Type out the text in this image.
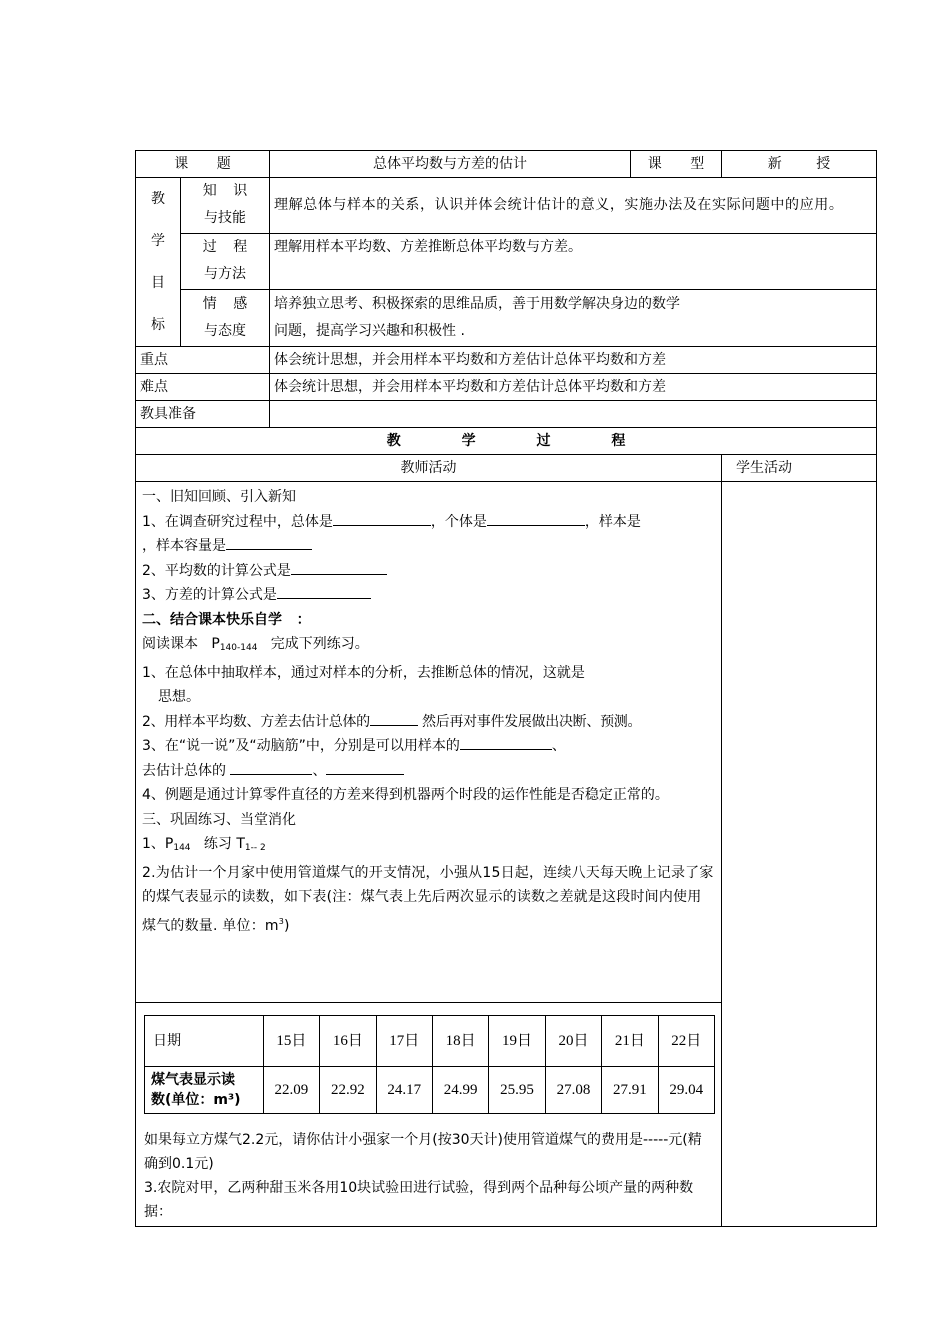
课 题	总体平均数与方差的估计	课 型	新 授

教
学
目
标

知 识
与技能
	理解总体与样本的关系，认识并体会统计估计的意义，实施办法及在实际问题中的应用。

过 程
与方法
	理解用样本平均数、方差推断总体平均数与方差。

情 感
与态度

培养独立思考、积极探索的思维品质，善于用数学解决身边的数学
问题，提高学习兴趣和积极性 .

重点	体会统计思想，并会用样本平均数和方差估计总体平均数和方差
难点	体会统计思想，并会用样本平均数和方差估计总体平均数和方差
教具准备	
教 学 过 程
教师活动	学生活动

一、旧知回顾、引入新知

1、在调查研究过程中，总体是	，个体是	，样本是

，样本容量是

2、平均数的计算公式是

3、方差的计算公式是

二、结合课本快乐自学 ：

阅读课本 $P_{140-144}$ 完成下列练习。

1、在总体中抽取样本，通过对样本的分析，去推断总体的情况，这就是

思想。

2、用样本平均数、方差去估计总体的	然后再对事件发展做出决断、预测。

3、在“说一说”及“动脑筋”中，分别是可以用样本的	、

去估计总体的	、

4、例题是通过计算零件直径的方差来得到机器两个时段的运作性能是否稳定正常的。

三、巩固练习、当堂消化

1、$P_{144}$ 练习 $T_{1-- 2}$

2.为估计一个月家中使用管道煤气的开支情况，小强从15日起，连续八天每天晚上记录了家的煤气表显示的读数，如下表(注：煤气表上先后两次显示的读数之差就是这段时间内使用煤气的数量. 单位：$m^3$)

日期	15日	16日	17日	18日	19日	20日	21日	22日

煤气表显示读
数(单位：m³)
	22.09	22.92	24.17	24.99	25.95	27.08	27.91	29.04

如果每立方煤气2.2元，请你估计小强家一个月(按30天计)使用管道煤气的费用是-----元(精确到0.1元)

3.农院对甲，乙两种甜玉米各用10块试验田进行试验，得到两个品种每公顷产量的两种数据：
